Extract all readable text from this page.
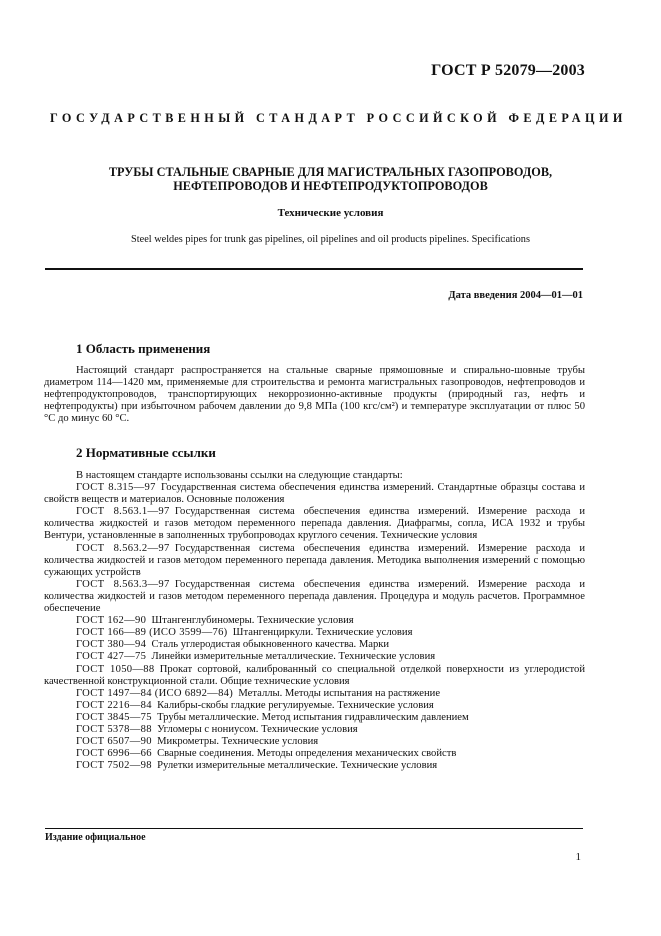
ГОСТ Р 52079—2003
ГОСУДАРСТВЕННЫЙ СТАНДАРТ РОССИЙСКОЙ ФЕДЕРАЦИИ
ТРУБЫ СТАЛЬНЫЕ СВАРНЫЕ ДЛЯ МАГИСТРАЛЬНЫХ ГАЗОПРОВОДОВ,
НЕФТЕПРОВОДОВ И НЕФТЕПРОДУКТОПРОВОДОВ
Технические условия
Steel weldes pipes for trunk gas pipelines, oil pipelines and oil products pipelines. Specifications
Дата введения 2004—01—01
1 Область применения
Настоящий стандарт распространяется на стальные сварные прямошовные и спирально-шовные трубы диаметром 114—1420 мм, применяемые для строительства и ремонта магистральных газопроводов, нефтепроводов и нефтепродуктопроводов, транспортирующих некоррозионно-активные продукты (природный газ, нефть и нефтепродукты) при избыточном рабочем давлении до 9,8 МПа (100 кгс/см²) и температуре эксплуатации от плюс 50 °С до минус 60 °С.
2 Нормативные ссылки
В настоящем стандарте использованы ссылки на следующие стандарты:
ГОСТ 8.315—97  Государственная система обеспечения единства измерений. Стандартные образцы состава и свойств веществ и материалов. Основные положения
ГОСТ 8.563.1—97  Государственная система обеспечения единства измерений. Измерение расхода и количества жидкостей и газов методом переменного перепада давления. Диафрагмы, сопла, ИСА 1932 и трубы Вентури, установленные в заполненных трубопроводах круглого сечения. Технические условия
ГОСТ 8.563.2—97  Государственная система обеспечения единства измерений. Измерение расхода и количества жидкостей и газов методом переменного перепада давления. Методика выполнения измерений с помощью сужающих устройств
ГОСТ 8.563.3—97  Государственная система обеспечения единства измерений. Измерение расхода и количества жидкостей и газов методом переменного перепада давления. Процедура и модуль расчетов. Программное обеспечение
ГОСТ 162—90  Штангенглубиномеры. Технические условия
ГОСТ 166—89 (ИСО 3599—76)  Штангенциркули. Технические условия
ГОСТ 380—94  Сталь углеродистая обыкновенного качества. Марки
ГОСТ 427—75  Линейки измерительные металлические. Технические условия
ГОСТ 1050—88  Прокат сортовой, калиброванный со специальной отделкой поверхности из углеродистой качественной конструкционной стали. Общие технические условия
ГОСТ 1497—84 (ИСО 6892—84)  Металлы. Методы испытания на растяжение
ГОСТ 2216—84  Калибры-скобы гладкие регулируемые. Технические условия
ГОСТ 3845—75  Трубы металлические. Метод испытания гидравлическим давлением
ГОСТ 5378—88  Угломеры с нониусом. Технические условия
ГОСТ 6507—90  Микрометры. Технические условия
ГОСТ 6996—66  Сварные соединения. Методы определения механических свойств
ГОСТ 7502—98  Рулетки измерительные металлические. Технические условия
Издание официальное
1
